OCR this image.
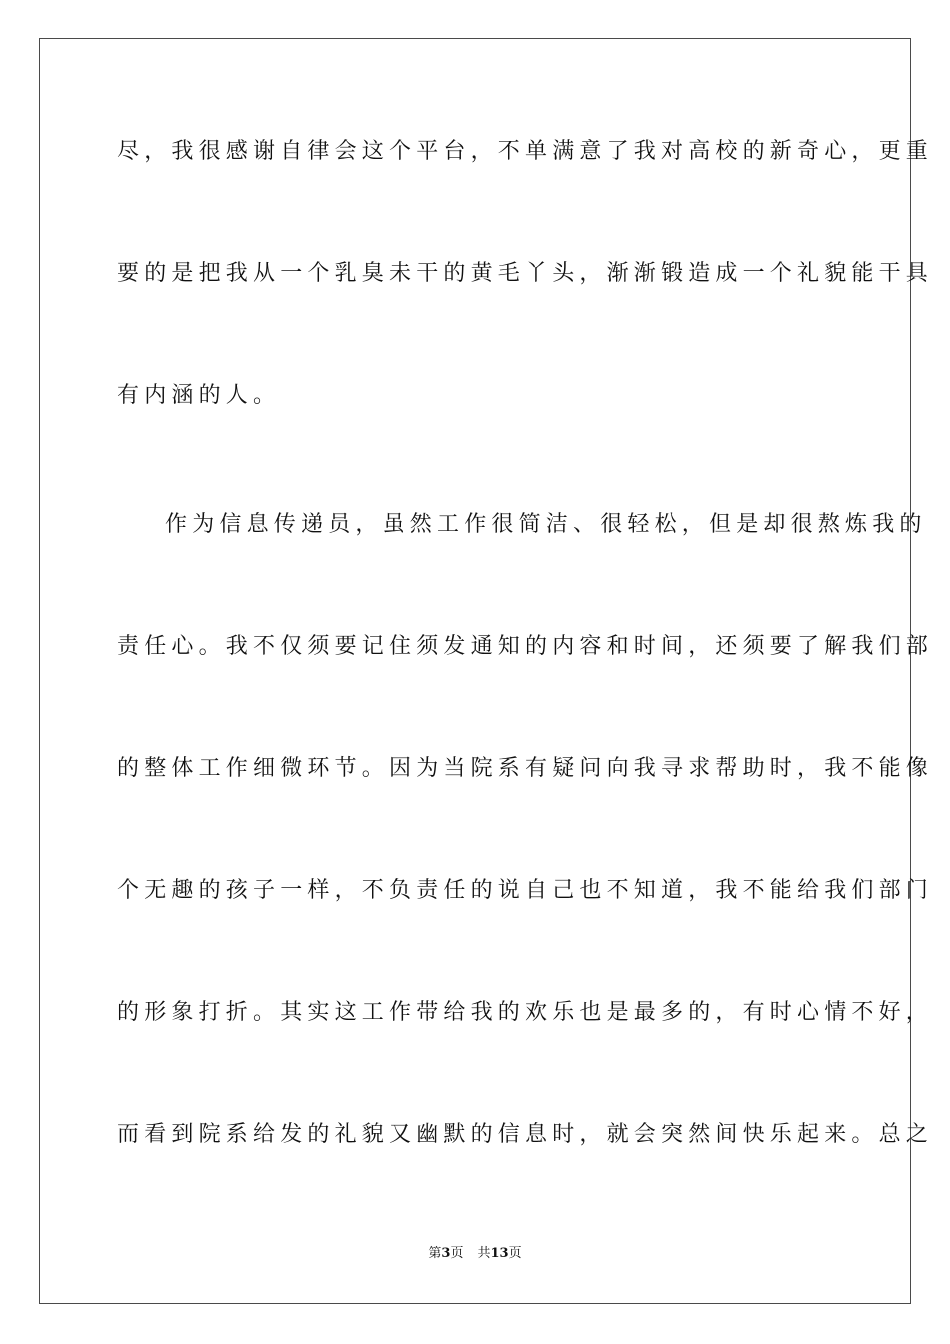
尽，我很感谢自律会这个平台，不单满意了我对高校的新奇心，更重
要的是把我从一个乳臭未干的黄毛丫头，渐渐锻造成一个礼貌能干具
有内涵的人。
作为信息传递员，虽然工作很简洁、很轻松，但是却很熬炼我的
责任心。我不仅须要记住须发通知的内容和时间，还须要了解我们部
的整体工作细微环节。因为当院系有疑问向我寻求帮助时，我不能像
个无趣的孩子一样，不负责任的说自己也不知道，我不能给我们部门
的形象打折。其实这工作带给我的欢乐也是最多的，有时心情不好，
而看到院系给发的礼貌又幽默的信息时，就会突然间快乐起来。总之
第3页 共13页
